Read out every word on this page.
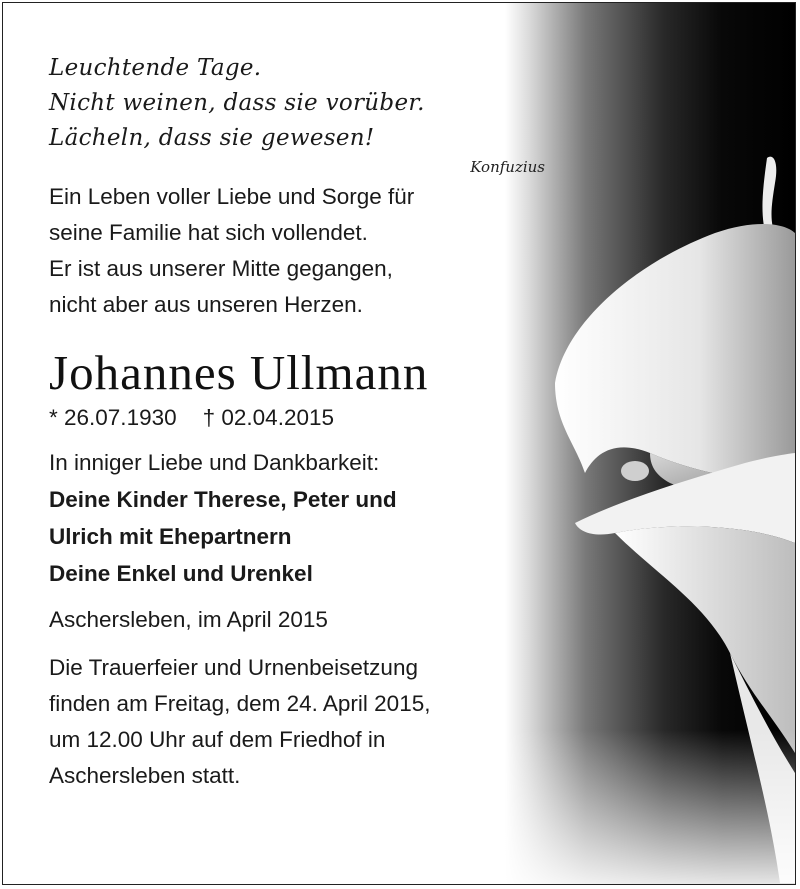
Leuchtende Tage.
Nicht weinen, dass sie vorüber.
Lächeln, dass sie gewesen!
Konfuzius
Ein Leben voller Liebe und Sorge für
seine Familie hat sich vollendet.
Er ist aus unserer Mitte gegangen,
nicht aber aus unseren Herzen.
Johannes Ullmann
* 26.07.1930 † 02.04.2015
In inniger Liebe und Dankbarkeit:
Deine Kinder Therese, Peter und
Ulrich mit Ehepartnern
Deine Enkel und Urenkel
Aschersleben, im April 2015
Die Trauerfeier und Urnenbeisetzung
finden am Freitag, dem 24. April 2015,
um 12.00 Uhr auf dem Friedhof in
Aschersleben statt.
